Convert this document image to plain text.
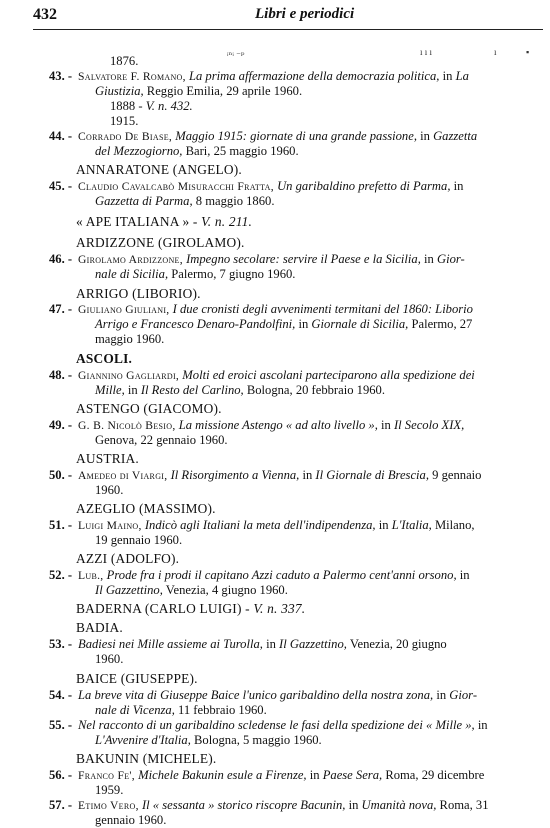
432	Libri e periodici
ᵢₙᵢ ₋ₚ	ı ı ı	ı	▪
1876.
43. - Salvatore F. Romano, La prima affermazione della democrazia politica, in La
Giustizia, Reggio Emilia, 29 aprile 1960.
1888 - V. n. 432.
1915.
44. - Corrado De Biase, Maggio 1915: giornate di una grande passione, in Gazzetta
del Mezzogiorno, Bari, 25 maggio 1960.
ANNARATONE (ANGELO).
45. - Claudio Cavalcabò Misuracchi Fratta, Un garibaldino prefetto di Parma, in
Gazzetta di Parma, 8 maggio 1860.
« APE ITALIANA » - V. n. 211.
ARDIZZONE (GIROLAMO).
46. - Girolamo Ardizzone, Impegno secolare: servire il Paese e la Sicilia, in Gior-
nale di Sicilia, Palermo, 7 giugno 1960.
ARRIGO (LIBORIO).
47. - Giuliano Giuliani, I due cronisti degli avvenimenti termitani del 1860: Liborio
Arrigo e Francesco Denaro-Pandolfini, in Giornale di Sicilia, Palermo, 27
maggio 1960.
ASCOLI.
48. - Giannino Gagliardi, Molti ed eroici ascolani parteciparono alla spedizione dei
Mille, in Il Resto del Carlino, Bologna, 20 febbraio 1960.
ASTENGO (GIACOMO).
49. - G. B. Nicolò Besio, La missione Astengo « ad alto livello », in Il Secolo XIX,
Genova, 22 gennaio 1960.
AUSTRIA.
50. - Amedeo di Viargi, Il Risorgimento a Vienna, in Il Giornale di Brescia, 9 gennaio
1960.
AZEGLIO (MASSIMO).
51. - Luigi Maino, Indicò agli Italiani la meta dell'indipendenza, in L'Italia, Milano,
19 gennaio 1960.
AZZI (ADOLFO).
52. - Lub., Prode fra i prodi il capitano Azzi caduto a Palermo cent'anni orsono, in
Il Gazzettino, Venezia, 4 giugno 1960.
BADERNA (CARLO LUIGI) - V. n. 337.
BADIA.
53. - Badiesi nei Mille assieme ai Turolla, in Il Gazzettino, Venezia, 20 giugno
1960.
BAICE (GIUSEPPE).
54. - La breve vita di Giuseppe Baice l'unico garibaldino della nostra zona, in Gior-
nale di Vicenza, 11 febbraio 1960.
55. - Nel racconto di un garibaldino scledense le fasi della spedizione dei « Mille », in
L'Avvenire d'Italia, Bologna, 5 maggio 1960.
BAKUNIN (MICHELE).
56. - Franco Fe', Michele Bakunin esule a Firenze, in Paese Sera, Roma, 29 dicembre
1959.
57. - Etimo Vero, Il « sessanta » storico riscopre Bacunin, in Umanità nova, Roma, 31
gennaio 1960.
